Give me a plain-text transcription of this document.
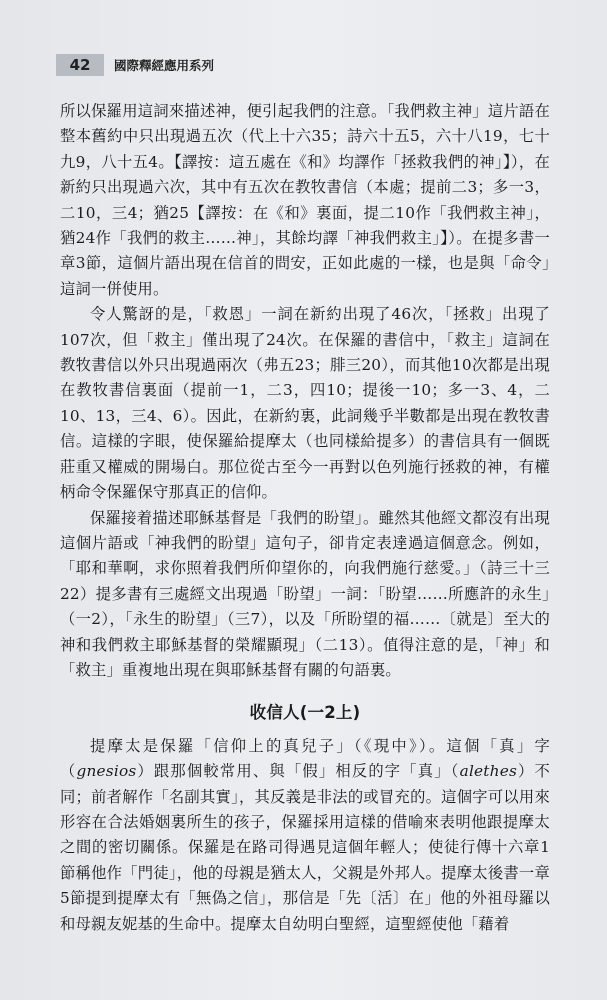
42	國際釋經應用系列

所以保羅用這詞來描述神，便引起我們的注意。「我們救主神」這片語在整本舊約中只出現過五次（代上十六35；詩六十五5，六十八19，七十九9，八十五4。【譯按：這五處在《和》均譯作「拯救我們的神」】），在新約只出現過六次，其中有五次在教牧書信（本處；提前二3；多一3，二10，三4；猶25【譯按：在《和》裏面，提二10作「我們救主神」，猶24作「我們的救主……神」，其餘均譯「神我們救主」】）。在提多書一章3節，這個片語出現在信首的問安，正如此處的一樣，也是與「命令」這詞一併使用。

令人驚訝的是，「救恩」一詞在新約出現了46次，「拯救」出現了107次，但「救主」僅出現了24次。在保羅的書信中，「救主」這詞在教牧書信以外只出現過兩次（弗五23；腓三20），而其他10次都是出現在教牧書信裏面（提前一1，二3，四10；提後一10；多一3、4，二10、13，三4、6）。因此，在新約裏，此詞幾乎半數都是出現在教牧書信。這樣的字眼，使保羅給提摩太（也同樣給提多）的書信具有一個既莊重又權威的開場白。那位從古至今一再對以色列施行拯救的神，有權柄命令保羅保守那真正的信仰。

保羅接着描述耶穌基督是「我們的盼望」。雖然其他經文都沒有出現這個片語或「神我們的盼望」這句子，卻肯定表達過這個意念。例如，「耶和華啊，求你照着我們所仰望你的，向我們施行慈愛。」（詩三十三22）提多書有三處經文出現過「盼望」一詞：「盼望……所應許的永生」（一2），「永生的盼望」（三7），以及「所盼望的福……〔就是〕至大的神和我們救主耶穌基督的榮耀顯現」（二13）。值得注意的是，「神」和「救主」重複地出現在與耶穌基督有關的句語裏。

收信人(一2上)

提摩太是保羅「信仰上的真兒子」（《現中》）。這個「真」字（gnesios）跟那個較常用、與「假」相反的字「真」（alethes）不同；前者解作「名副其實」，其反義是非法的或冒充的。這個字可以用來形容在合法婚姻裏所生的孩子，保羅採用這樣的借喻來表明他跟提摩太之間的密切關係。保羅是在路司得遇見這個年輕人；使徒行傳十六章1節稱他作「門徒」，他的母親是猶太人，父親是外邦人。提摩太後書一章5節提到提摩太有「無偽之信」，那信是「先〔活〕在」他的外祖母羅以和母親友妮基的生命中。提摩太自幼明白聖經，這聖經使他「藉着
